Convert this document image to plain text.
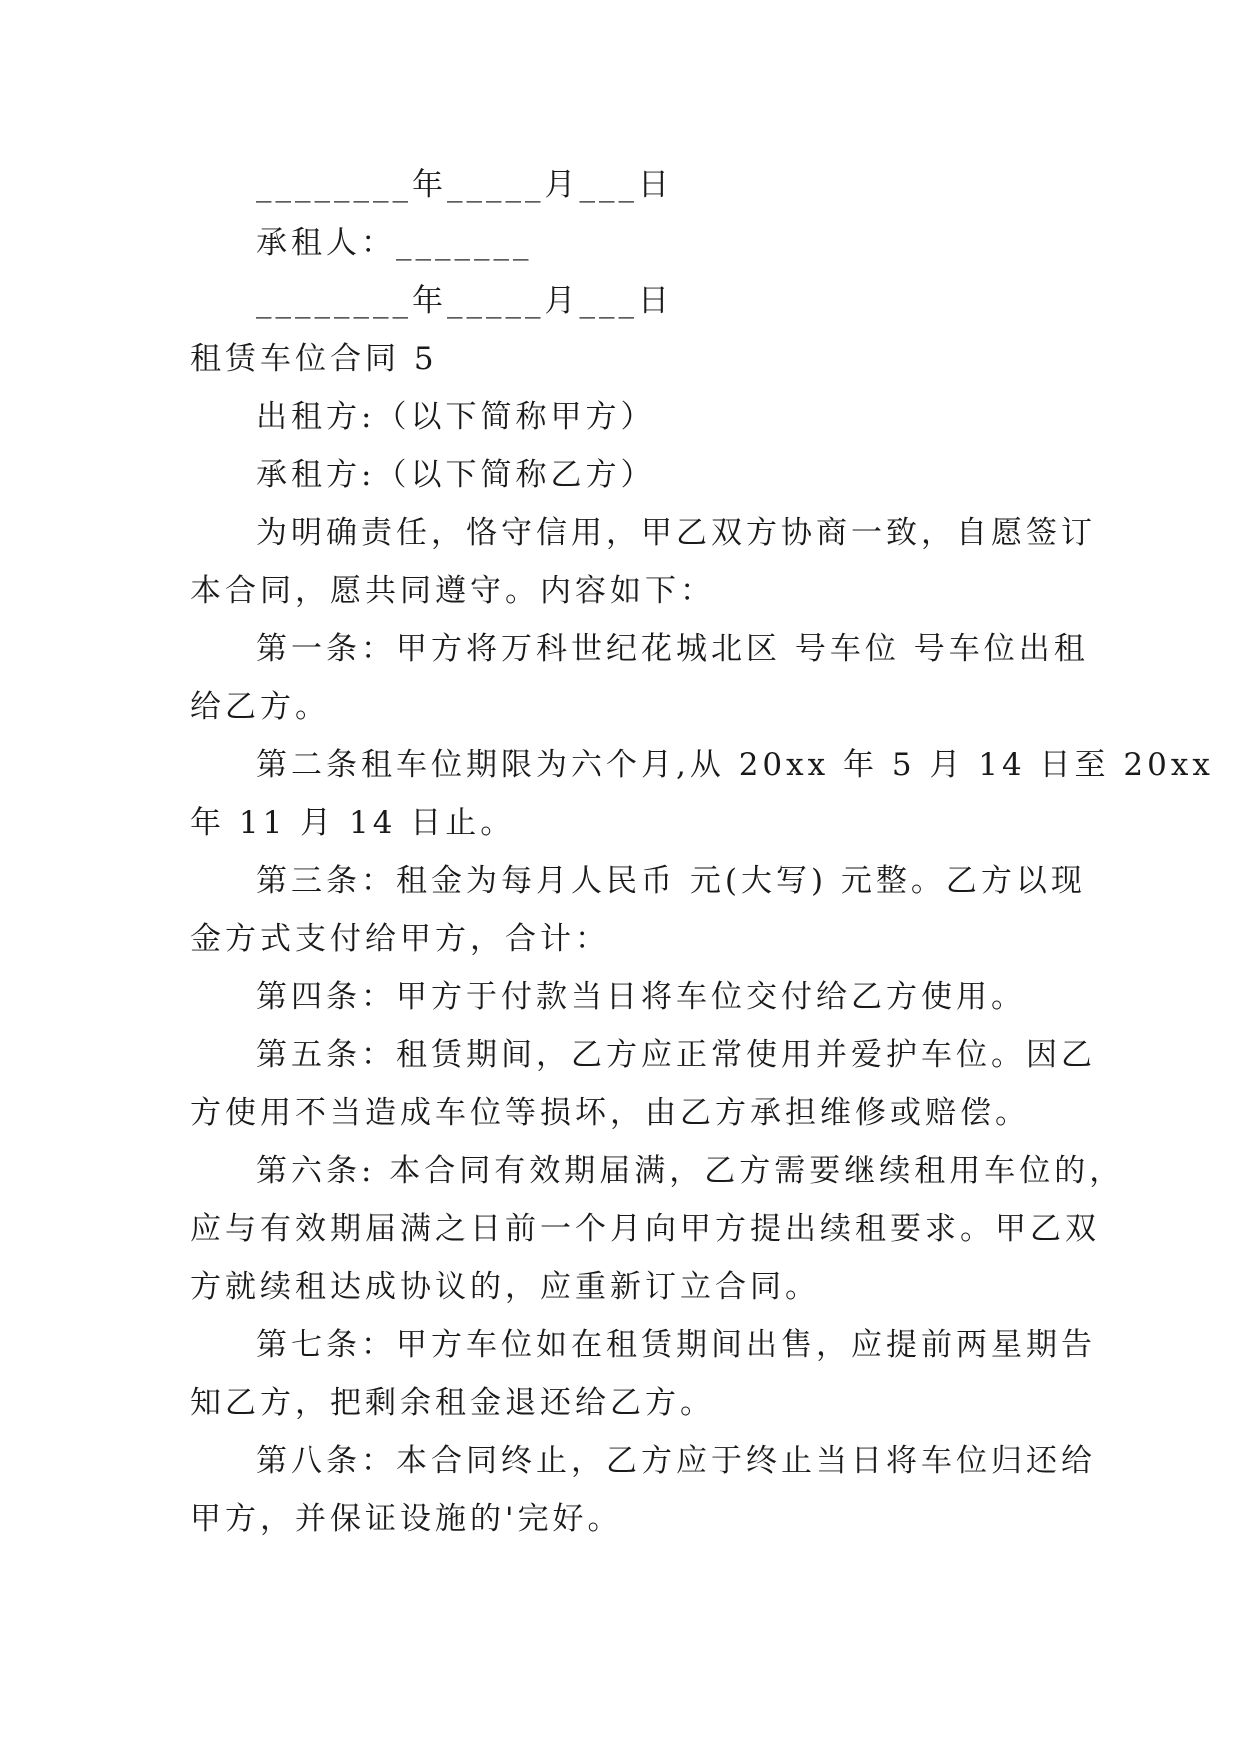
________年_____月___日
承租人：_______
________年_____月___日
租赁车位合同 5
出租方:（以下简称甲方）
承租方:（以下简称乙方）
为明确责任，恪守信用，甲乙双方协商一致，自愿签订
本合同，愿共同遵守。内容如下：
第一条：甲方将万科世纪花城北区 号车位 号车位出租
给乙方。
第二条租车位期限为六个月,从 20xx 年 5 月 14 日至 20xx
年 11 月 14 日止。
第三条：租金为每月人民币 元(大写) 元整。乙方以现
金方式支付给甲方，合计：
第四条：甲方于付款当日将车位交付给乙方使用。
第五条：租赁期间，乙方应正常使用并爱护车位。因乙
方使用不当造成车位等损坏，由乙方承担维修或赔偿。
第六条: 本合同有效期届满，乙方需要继续租用车位的，
应与有效期届满之日前一个月向甲方提出续租要求。甲乙双
方就续租达成协议的，应重新订立合同。
第七条：甲方车位如在租赁期间出售，应提前两星期告
知乙方，把剩余租金退还给乙方。
第八条：本合同终止，乙方应于终止当日将车位归还给
甲方，并保证设施的'完好。
